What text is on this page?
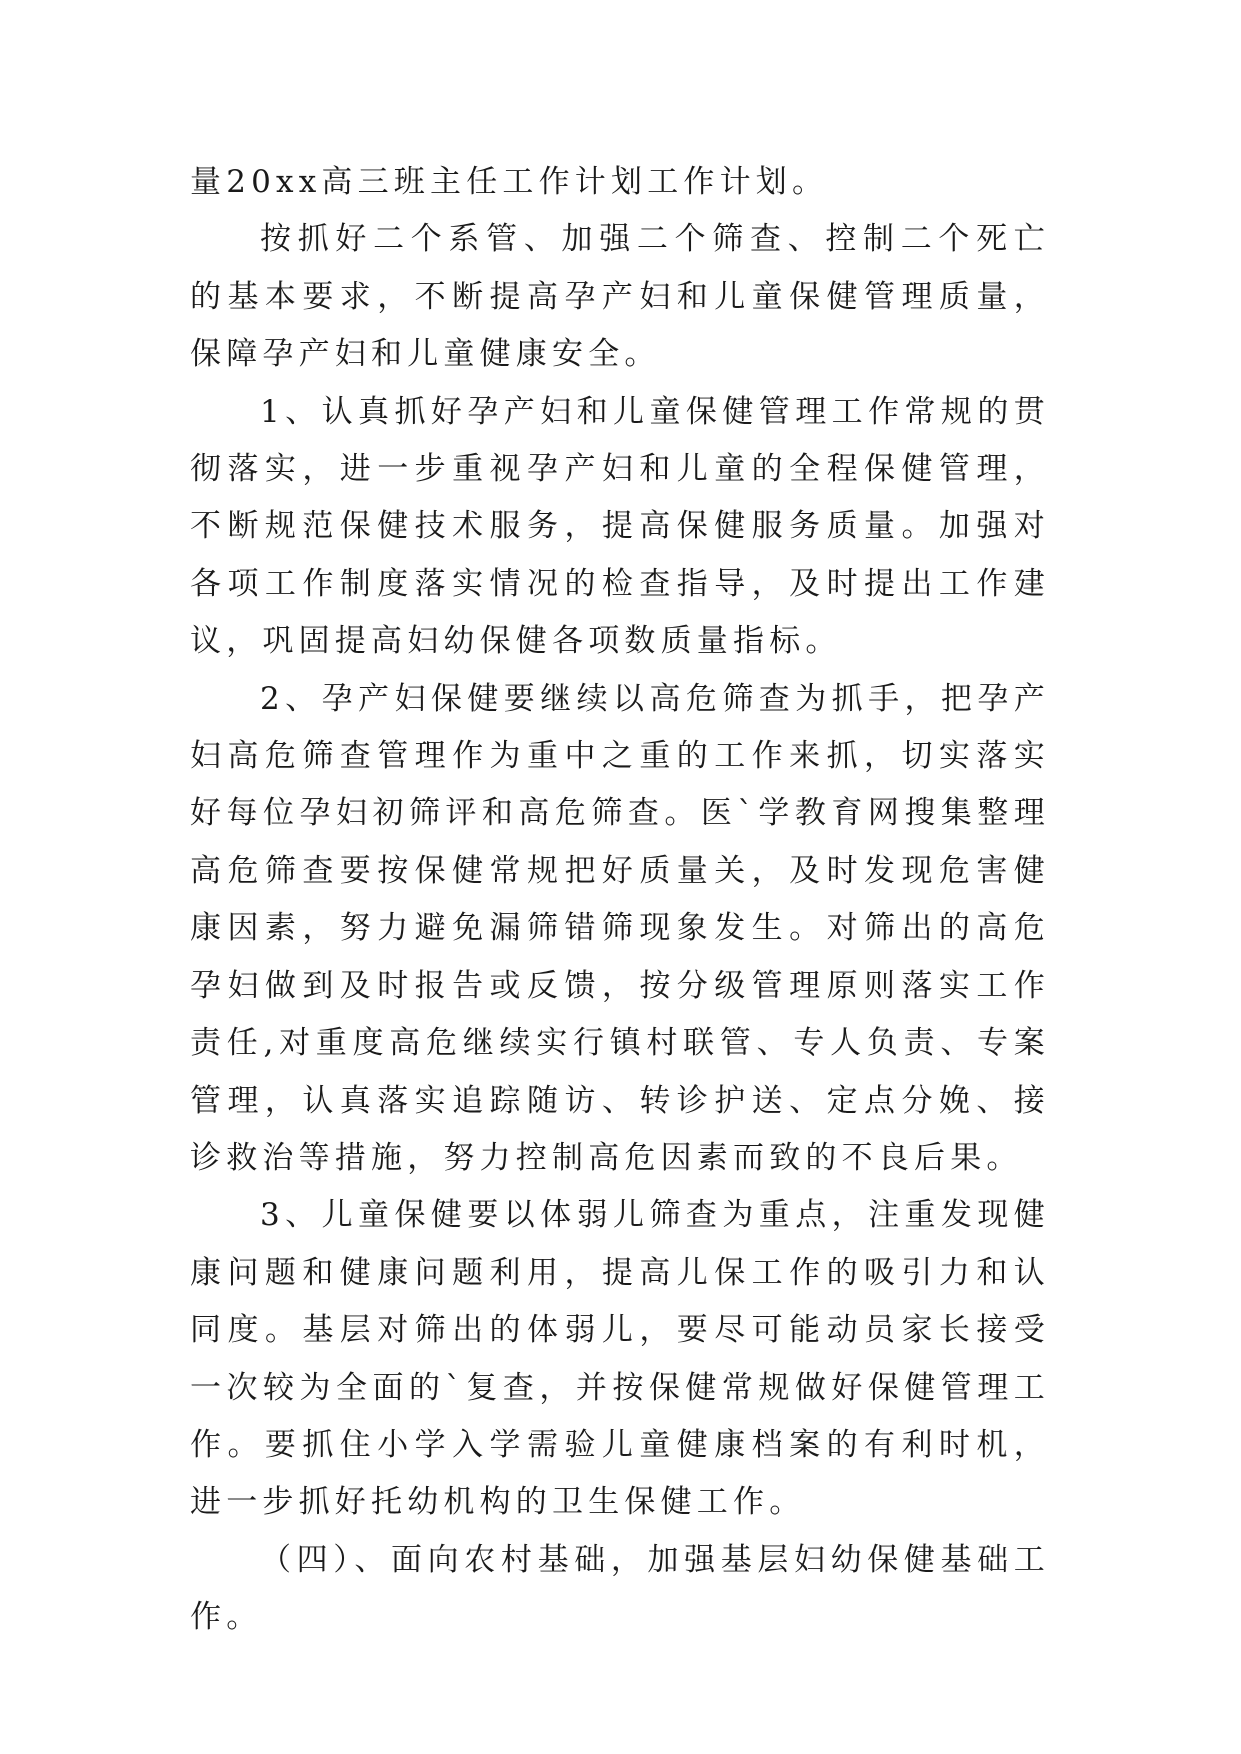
量20xx高三班主任工作计划工作计划。

按抓好二个系管、加强二个筛查、控制二个死亡的基本要求，不断提高孕产妇和儿童保健管理质量，保障孕产妇和儿童健康安全。

1、认真抓好孕产妇和儿童保健管理工作常规的贯彻落实，进一步重视孕产妇和儿童的全程保健管理，不断规范保健技术服务，提高保健服务质量。加强对各项工作制度落实情况的检查指导，及时提出工作建议，巩固提高妇幼保健各项数质量指标。

2、孕产妇保健要继续以高危筛查为抓手，把孕产妇高危筛查管理作为重中之重的工作来抓，切实落实好每位孕妇初筛评和高危筛查。医`学教育网搜集整理高危筛查要按保健常规把好质量关，及时发现危害健康因素，努力避免漏筛错筛现象发生。对筛出的高危孕妇做到及时报告或反馈，按分级管理原则落实工作责任,对重度高危继续实行镇村联管、专人负责、专案管理，认真落实追踪随访、转诊护送、定点分娩、接诊救治等措施，努力控制高危因素而致的不良后果。

3、儿童保健要以体弱儿筛查为重点，注重发现健康问题和健康问题利用，提高儿保工作的吸引力和认同度。基层对筛出的体弱儿，要尽可能动员家长接受一次较为全面的`复查，并按保健常规做好保健管理工作。要抓住小学入学需验儿童健康档案的有利时机，进一步抓好托幼机构的卫生保健工作。

（四）、面向农村基础，加强基层妇幼保健基础工作。
